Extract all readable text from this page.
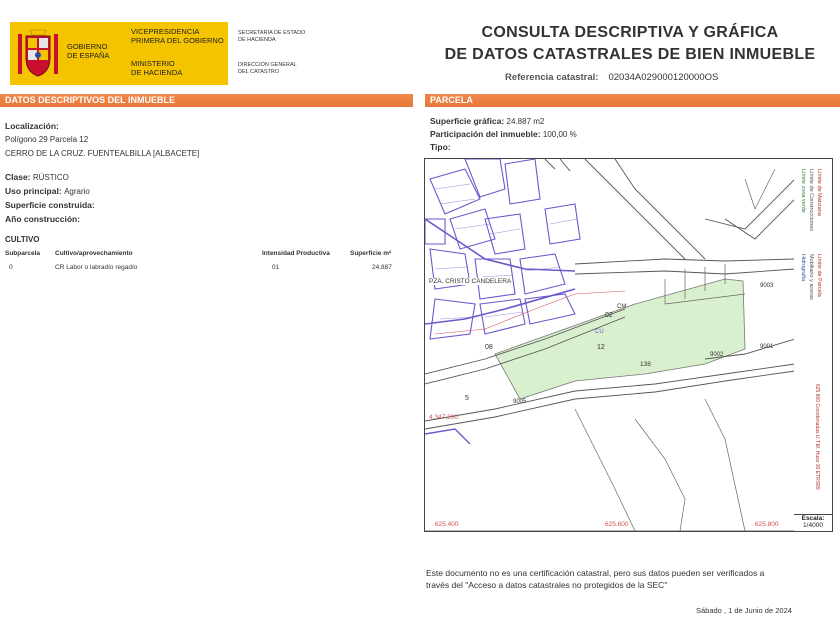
GOBIERNO
DE ESPAÑA
VICEPRESIDENCIA
PRIMERA DEL GOBIERNO
MINISTERIO
DE HACIENDA
SECRETARÍA DE ESTADO
DE HACIENDA
DIRECCIÓN GENERAL
DEL CATASTRO
CONSULTA DESCRIPTIVA Y GRÁFICA
DE DATOS CATASTRALES DE BIEN INMUEBLE
Referencia catastral: 02034A029000120000OS
DATOS DESCRIPTIVOS DEL INMUEBLE	PARCELA
Localización:
Polígono 29 Parcela 12
CERRO DE LA CRUZ. FUENTEALBILLA [ALBACETE]
Clase: RÚSTICO
Uso principal: Agrario
Superficie construida:
Año construcción:
CULTIVO
Subparcela Cultivo/aprovechamiento	Intensidad Productiva	Superficie m²
0	CR Labor o labradío regadío	01	24.887
Superficie gráfica: 24.887 m2
Participación del inmueble: 100,00 %
Tipo:
PZA. CRISTO CANDELERA
12
02
08
5
138
9003
9002
9001
9005
CM
CU
4.347.200
625.400	625.600	625.800
Límite de Manzana
Límite de Parcela
Límite de Construcciones
Mobiliario y aceras
Límite zona verde
Hidrografía
625.800 Coordenadas U.T.M. Huso 30 ETRS89
Escala:
1/4000
Este documento no es una certificación catastral, pero sus datos pueden ser verificados a
través del "Acceso a datos catastrales no protegidos de la SEC"
Sábado , 1 de Junio de 2024
